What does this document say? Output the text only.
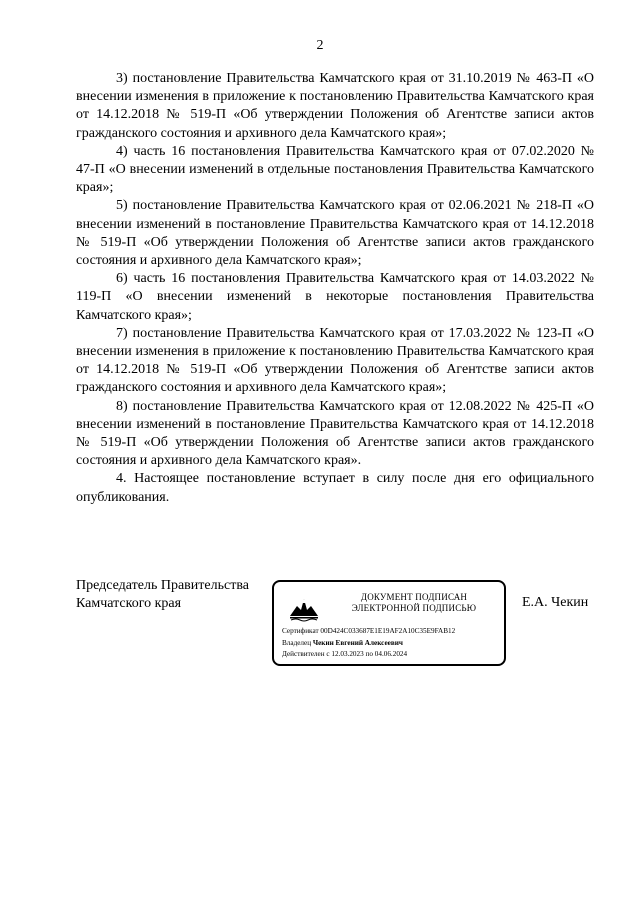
2

3) постановление Правительства Камчатского края от 31.10.2019 № 463-П «О внесении изменения в приложение к постановлению Правительства Камчатского края от 14.12.2018 № 519-П «Об утверждении Положения об Агентстве записи актов гражданского состояния и архивного дела Камчатского края»;

4) часть 16 постановления Правительства Камчатского края от 07.02.2020 № 47-П «О внесении изменений в отдельные постановления Правительства Камчатского края»;

5) постановление Правительства Камчатского края от 02.06.2021 № 218-П «О внесении изменений в постановление Правительства Камчатского края от 14.12.2018 № 519-П «Об утверждении Положения об Агентстве записи актов гражданского состояния и архивного дела Камчатского края»;

6) часть 16 постановления Правительства Камчатского края от 14.03.2022 № 119-П «О внесении изменений в некоторые постановления Правительства Камчатского края»;

7) постановление Правительства Камчатского края от 17.03.2022 № 123-П «О внесении изменения в приложение к постановлению Правительства Камчатского края от 14.12.2018 № 519-П «Об утверждении Положения об Агентстве записи актов гражданского состояния и архивного дела Камчатского края»;

8) постановление Правительства Камчатского края от 12.08.2022 № 425-П «О внесении изменений в постановление Правительства Камчатского края от 14.12.2018 № 519-П «Об утверждении Положения об Агентстве записи актов гражданского состояния и архивного дела Камчатского края».

4. Настоящее постановление вступает в силу после дня его официального опубликования.

Председатель Правительства
Камчатского края	ДОКУМЕНТ ПОДПИСАН
ЭЛЕКТРОННОЙ ПОДПИСЬЮ
Сертификат 00D424C033687E1E19AF2A10C35E9FAB12
Владелец Чекин Евгений Алексеевич
Действителен с 12.03.2023 по 04.06.2024
Е.А. Чекин
